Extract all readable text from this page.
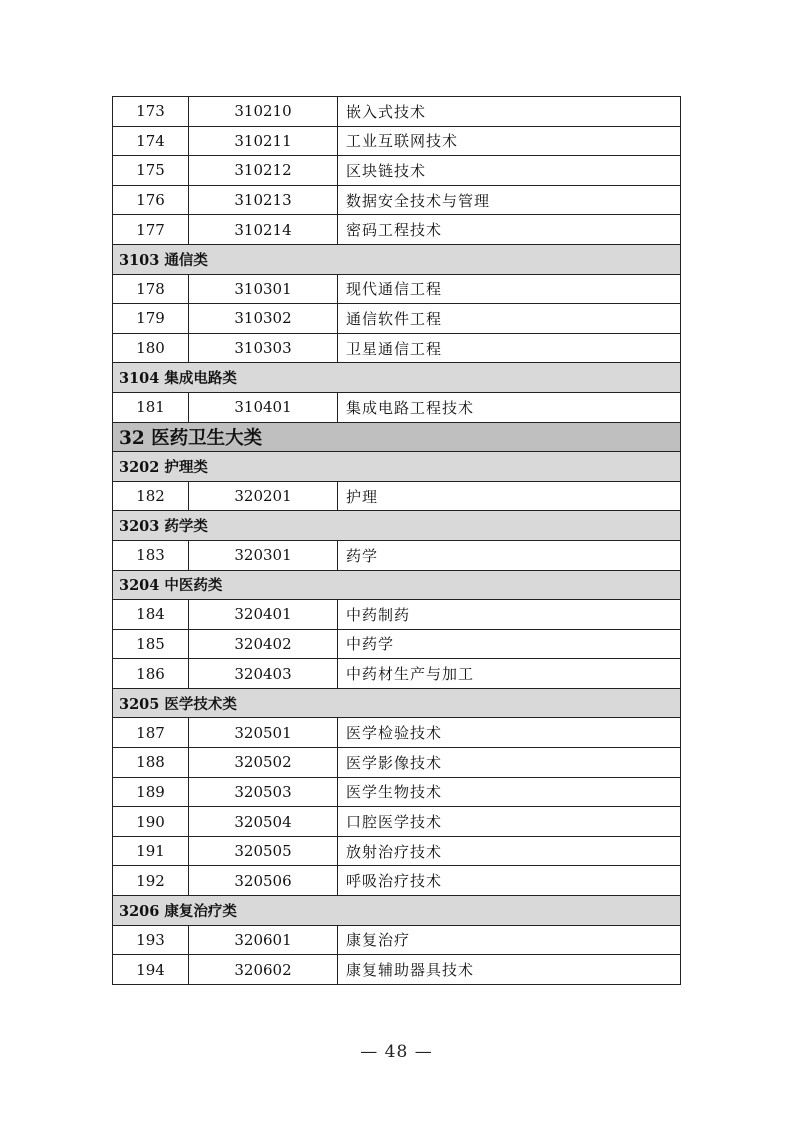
173	310210	嵌入式技术
174	310211	工业互联网技术
175	310212	区块链技术
176	310213	数据安全技术与管理
177	310214	密码工程技术
3103 通信类		
178	310301	现代通信工程
179	310302	通信软件工程
180	310303	卫星通信工程
3104 集成电路类		
181	310401	集成电路工程技术
32 医药卫生大类		
3202 护理类		
182	320201	护理
3203 药学类		
183	320301	药学
3204 中医药类		
184	320401	中药制药
185	320402	中药学
186	320403	中药材生产与加工
3205 医学技术类		
187	320501	医学检验技术
188	320502	医学影像技术
189	320503	医学生物技术
190	320504	口腔医学技术
191	320505	放射治疗技术
192	320506	呼吸治疗技术
3206 康复治疗类		
193	320601	康复治疗
194	320602	康复辅助器具技术
— 48 —
